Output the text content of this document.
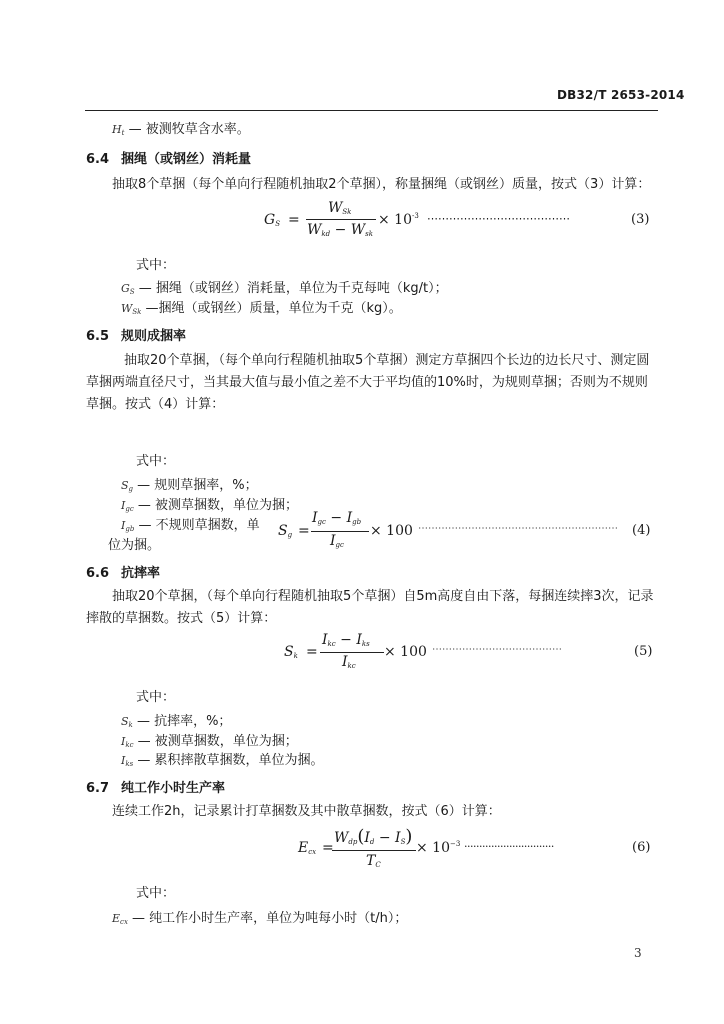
DB32/T 2653-2014
$H_t$ — 被测牧草含水率。
6.4 捆绳（或钢丝）消耗量
抽取8个草捆（每个单向行程随机抽取2个草捆），称量捆绳（或钢丝）质量，按式（3）计算：
$G_S$ =
$W_{Sk}$
$W_{kd} - W_{sk}$
× $10^{-3}$ ⋯⋯⋯⋯⋯⋯⋯⋯⋯⋯⋯⋯⋯	(3)
式中：
$G_S$ — 捆绳（或钢丝）消耗量，单位为千克每吨（kg/t）；
$W_{Sk}$ —捆绳（或钢丝）质量，单位为千克（kg）。
6.5 规则成捆率
抽取20个草捆，（每个单向行程随机抽取5个草捆）测定方草捆四个长边的边长尺寸、测定圆草捆两端直径尺寸，当其最大值与最小值之差不大于平均值的10%时，为规则草捆；否则为不规则草捆。按式（4）计算：
式中：
$S_g$ — 规则草捆率，%；
$I_{gc}$ — 被测草捆数，单位为捆；
$I_{gb}$ — 不规则草捆数，单
位为捆。
$S_g$ =
$I_{gc} - I_{gb}$
$I_{gc}$
× 100 ⋯⋯⋯⋯⋯⋯⋯⋯⋯⋯⋯⋯⋯⋯⋯⋯⋯⋯⋯⋯ (4)
6.6 抗摔率
抽取20个草捆，（每个单向行程随机抽取5个草捆）自5m高度自由下落，每捆连续摔3次，记录摔散的草捆数。按式（5）计算：
$S_k$ =
$I_{kc} - I_{ks}$
$I_{kc}$
× 100 ⋯⋯⋯⋯⋯⋯⋯⋯⋯⋯⋯⋯⋯	(5)
式中：
$S_k$ — 抗摔率，%；
$I_{kc}$ — 被测草捆数，单位为捆；
$I_{ks}$ — 累积摔散草捆数，单位为捆。
6.7 纯工作小时生产率
连续工作2h，记录累计打草捆数及其中散草捆数，按式（6）计算：
$E_{cx}$ =
$W_{dp}(I_d - I_S)$
$T_C$
× $10^{-3}$ ······························	(6)
式中：
$E_{cx}$ — 纯工作小时生产率，单位为吨每小时（t/h）；
3
